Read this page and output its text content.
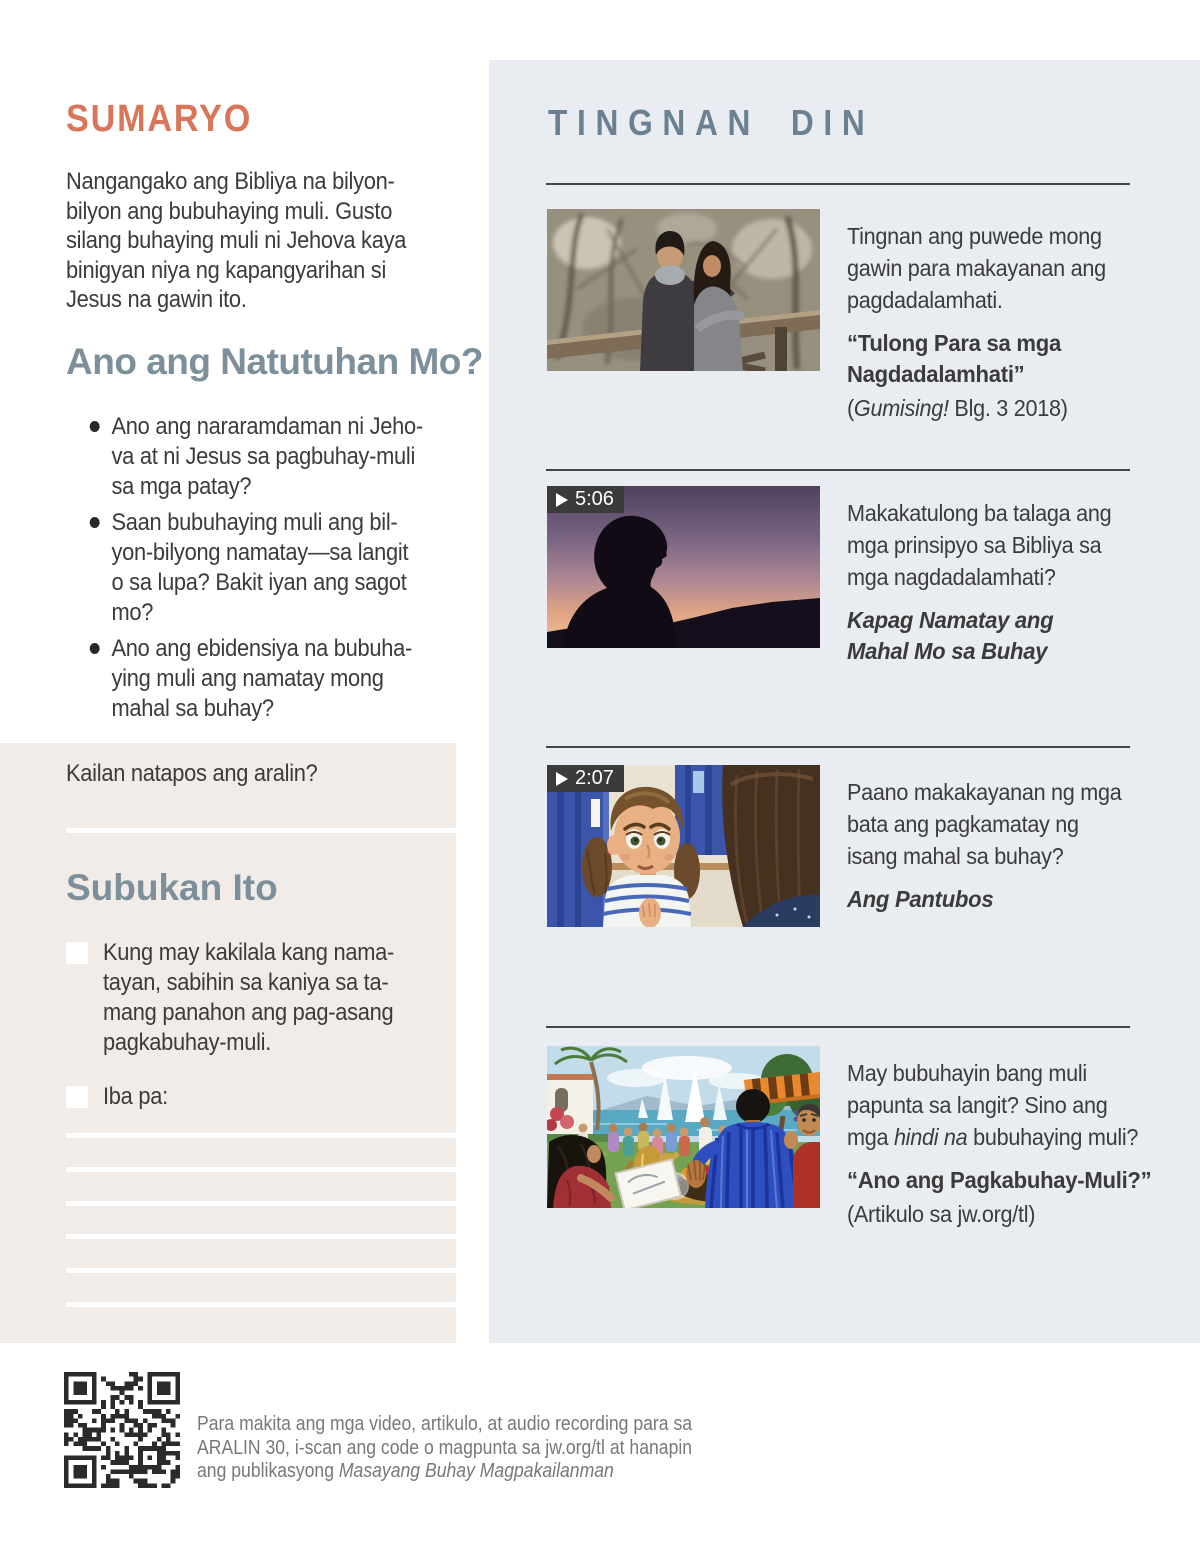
SUMARYO
Nangangako ang Bibliya na bilyon-
bilyon ang bubuhaying muli. Gusto
silang buhaying muli ni Jehova kaya
binigyan niya ng kapangyarihan si
Jesus na gawin ito.
Ano ang Natutuhan Mo?
Ano ang nararamdaman ni Jeho-
va at ni Jesus sa pagbuhay-muli
sa mga patay?
Saan bubuhaying muli ang bil-
yon-bilyong namatay—sa langit
o sa lupa? Bakit iyan ang sagot
mo?
Ano ang ebidensiya na bubuha-
ying muli ang namatay mong
mahal sa buhay?
Kailan natapos ang aralin?
Subukan Ito
Kung may kakilala kang nama-
tayan, sabihin sa kaniya sa ta-
mang panahon ang pag-asang
pagkabuhay-muli.
Iba pa:
TINGNAN DIN
Tingnan ang puwede mong
gawin para makayanan ang
pagdadalamhati.
“Tulong Para sa mga
Nagdadalamhati”
(Gumising! Blg. 3 2018)
5:06
Makakatulong ba talaga ang
mga prinsipyo sa Bibliya sa
mga nagdadalamhati?
Kapag Namatay ang
Mahal Mo sa Buhay
2:07
Paano makakayanan ng mga
bata ang pagkamatay ng
isang mahal sa buhay?
Ang Pantubos
May bubuhayin bang muli
papunta sa langit? Sino ang
mga hindi na bubuhaying muli?
“Ano ang Pagkabuhay-Muli?”
(Artikulo sa jw.org/tl)
Para makita ang mga video, artikulo, at audio recording para sa
ARALIN 30, i-scan ang code o magpunta sa jw.org/tl at hanapin
ang publikasyong Masayang Buhay Magpakailanman
